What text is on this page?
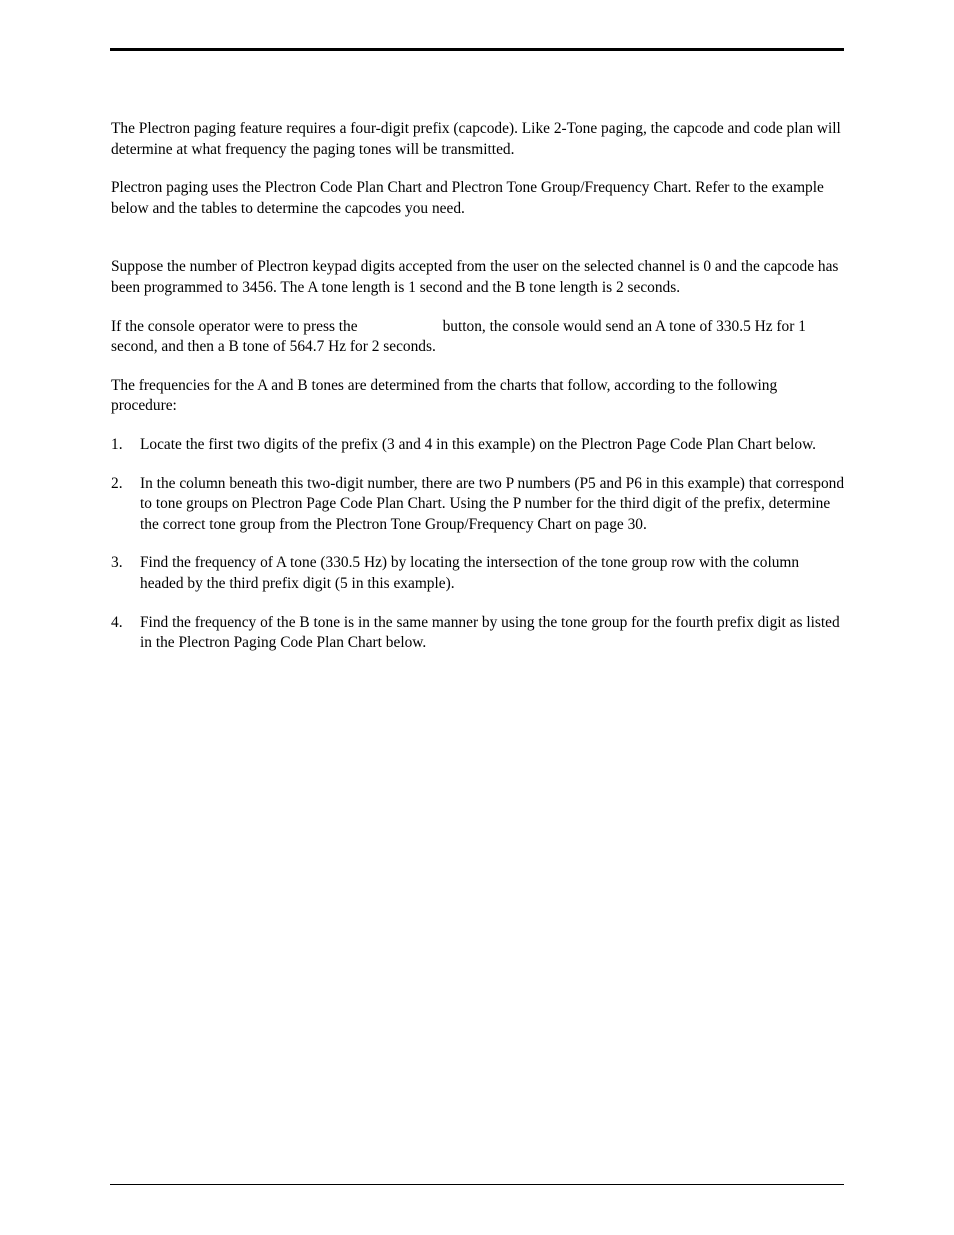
The Plectron paging feature requires a four-digit prefix (capcode). Like 2-Tone paging, the capcode and code plan will determine at what frequency the paging tones will be transmitted.

Plectron paging uses the Plectron Code Plan Chart and Plectron Tone Group/Frequency Chart. Refer to the example below and the tables to determine the capcodes you need.

Suppose the number of Plectron keypad digits accepted from the user on the selected channel is 0 and the capcode has been programmed to 3456. The A tone length is 1 second and the B tone length is 2 seconds.

If the console operator were to press the	button, the console would send an A tone of 330.5 Hz for 1 second, and then a B tone of 564.7 Hz for 2 seconds.

The frequencies for the A and B tones are determined from the charts that follow, according to the following procedure:

1. Locate the first two digits of the prefix (3 and 4 in this example) on the Plectron Page Code Plan Chart below.
2. In the column beneath this two-digit number, there are two P numbers (P5 and P6 in this example) that correspond to tone groups on Plectron Page Code Plan Chart. Using the P number for the third digit of the prefix, determine the correct tone group from the Plectron Tone Group/Frequency Chart on page 30.
3. Find the frequency of A tone (330.5 Hz) by locating the intersection of the tone group row with the column headed by the third prefix digit (5 in this example).
4. Find the frequency of the B tone is in the same manner by using the tone group for the fourth prefix digit as listed in the Plectron Paging Code Plan Chart below.
